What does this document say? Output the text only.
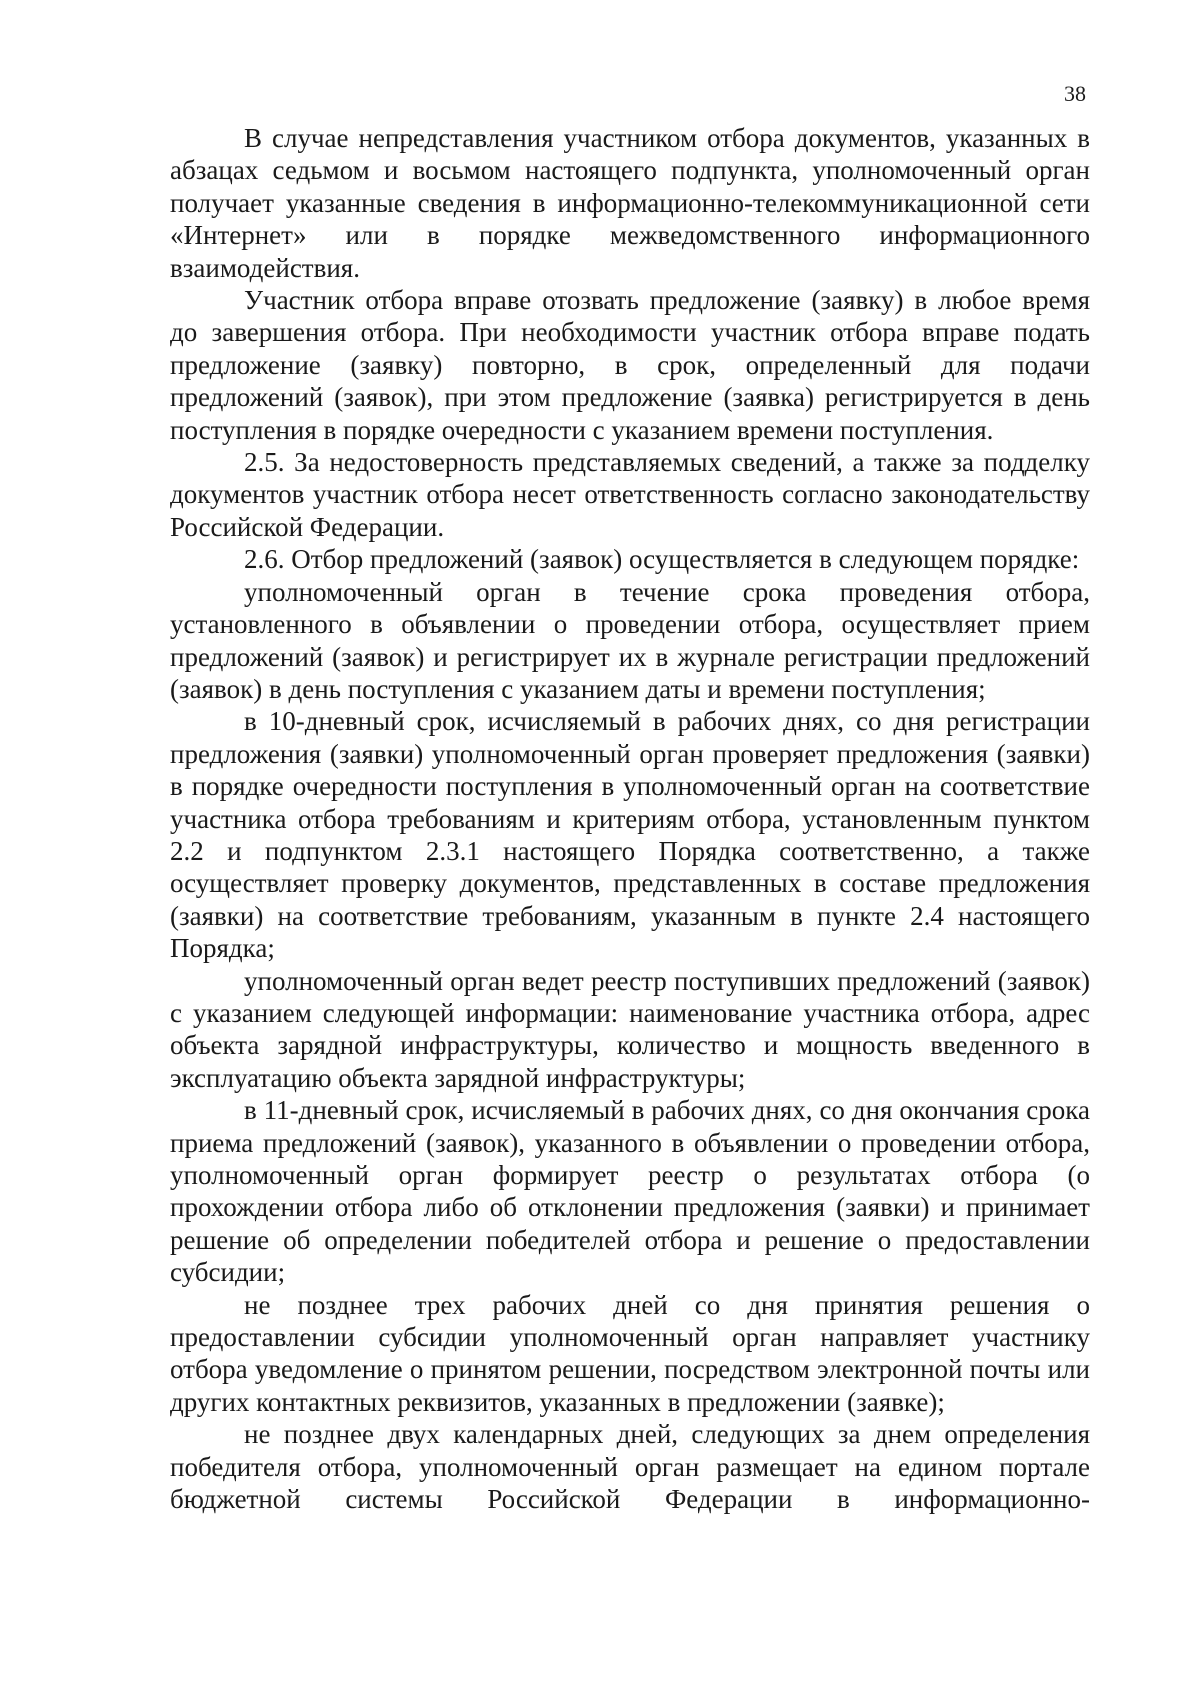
38

В случае непредставления участником отбора документов, указанных в абзацах седьмом и восьмом настоящего подпункта, уполномоченный орган получает указанные сведения в информационно-телекоммуникационной сети «Интернет» или в порядке межведомственного информационного взаимодействия.

Участник отбора вправе отозвать предложение (заявку) в любое время до завершения отбора. При необходимости участник отбора вправе подать предложение (заявку) повторно, в срок, определенный для подачи предложений (заявок), при этом предложение (заявка) регистрируется в день поступления в порядке очередности с указанием времени поступления.

2.5. За недостоверность представляемых сведений, а также за подделку документов участник отбора несет ответственность согласно законодательству Российской Федерации.

2.6. Отбор предложений (заявок) осуществляется в следующем порядке:

уполномоченный орган в течение срока проведения отбора, установленного в объявлении о проведении отбора, осуществляет прием предложений (заявок) и регистрирует их в журнале регистрации предложений (заявок) в день поступления с указанием даты и времени поступления;

в 10-дневный срок, исчисляемый в рабочих днях, со дня регистрации предложения (заявки) уполномоченный орган проверяет предложения (заявки) в порядке очередности поступления в уполномоченный орган на соответствие участника отбора требованиям и критериям отбора, установленным пунктом 2.2 и подпунктом 2.3.1 настоящего Порядка соответственно, а также осуществляет проверку документов, представленных в составе предложения (заявки) на соответствие требованиям, указанным в пункте 2.4 настоящего Порядка;

уполномоченный орган ведет реестр поступивших предложений (заявок) с указанием следующей информации: наименование участника отбора, адрес объекта зарядной инфраструктуры, количество и мощность введенного в эксплуатацию объекта зарядной инфраструктуры;

в 11-дневный срок, исчисляемый в рабочих днях, со дня окончания срока приема предложений (заявок), указанного в объявлении о проведении отбора, уполномоченный орган формирует реестр о результатах отбора (о прохождении отбора либо об отклонении предложения (заявки) и принимает решение об определении победителей отбора и решение о предоставлении субсидии;

не позднее трех рабочих дней со дня принятия решения о предоставлении субсидии уполномоченный орган направляет участнику отбора уведомление о принятом решении, посредством электронной почты или других контактных реквизитов, указанных в предложении (заявке);

не позднее двух календарных дней, следующих за днем определения победителя отбора, уполномоченный орган размещает на едином портале бюджетной системы Российской Федерации в информационно-
